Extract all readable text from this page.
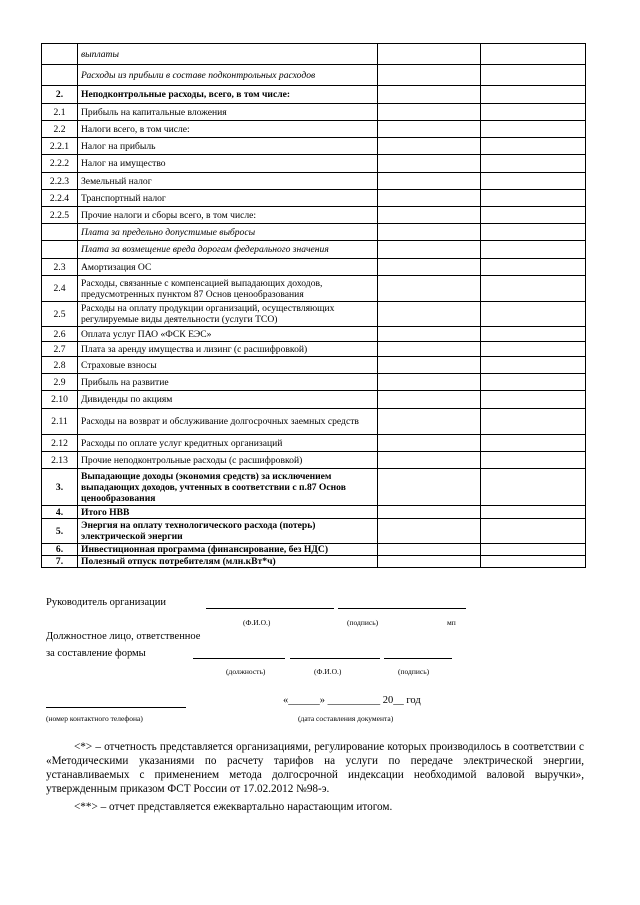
	выплаты		
	Расходы из прибыли в составе подконтрольных расходов		
2.	Неподконтрольные расходы, всего, в том числе:		
2.1	Прибыль на капитальные вложения		
2.2	Налоги всего, в том числе:		
2.2.1	Налог на прибыль		
2.2.2	Налог на имущество		
2.2.3	Земельный налог		
2.2.4	Транспортный налог		
2.2.5	Прочие налоги и сборы всего, в том числе:		
	Плата за предельно допустимые выбросы		
	Плата за возмещение вреда дорогам федерального значения		
2.3	Амортизация ОС		
2.4	Расходы, связанные с компенсацией выпадающих доходов, предусмотренных пунктом 87 Основ ценообразования		
2.5	Расходы на оплату продукции организаций, осуществляющих регулируемые виды деятельности (услуги ТСО)		
2.6	Оплата услуг ПАО «ФСК ЕЭС»		
2.7	Плата за аренду имущества и лизинг (с расшифровкой)		
2.8	Страховые взносы		
2.9	Прибыль на развитие		
2.10	Дивиденды по акциям		
2.11	Расходы на возврат и обслуживание долгосрочных заемных средств		
2.12	Расходы по оплате услуг кредитных организаций		
2.13	Прочие неподконтрольные расходы (с расшифровкой)		
3.	Выпадающие доходы (экономия средств) за исключением выпадающих доходов, учтенных в соответствии с п.87 Основ ценообразования		
4.	Итого НВВ		
5.	Энергия на оплату технологического расхода (потерь) электрической энергии		
6.	Инвестиционная программа (финансирование, без НДС)		
7.	Полезный отпуск потребителям (млн.кВт*ч)		
Руководитель организации
(Ф.И.О.)	(подпись)	мп
Должностное лицо, ответственное
за составление формы
(должность)	(Ф.И.О.)	(подпись)
«______» __________ 20__ год
(номер контактного телефона)	(дата составления документа)
<*> – отчетность представляется организациями, регулирование которых производилось в соответствии с «Методическими указаниями по расчету тарифов на услуги по передаче электрической энергии, устанавливаемых с применением метода долгосрочной индексации необходимой валовой выручки», утвержденным приказом ФСТ России от 17.02.2012 №98-э.
<**> – отчет представляется ежеквартально нарастающим итогом.
